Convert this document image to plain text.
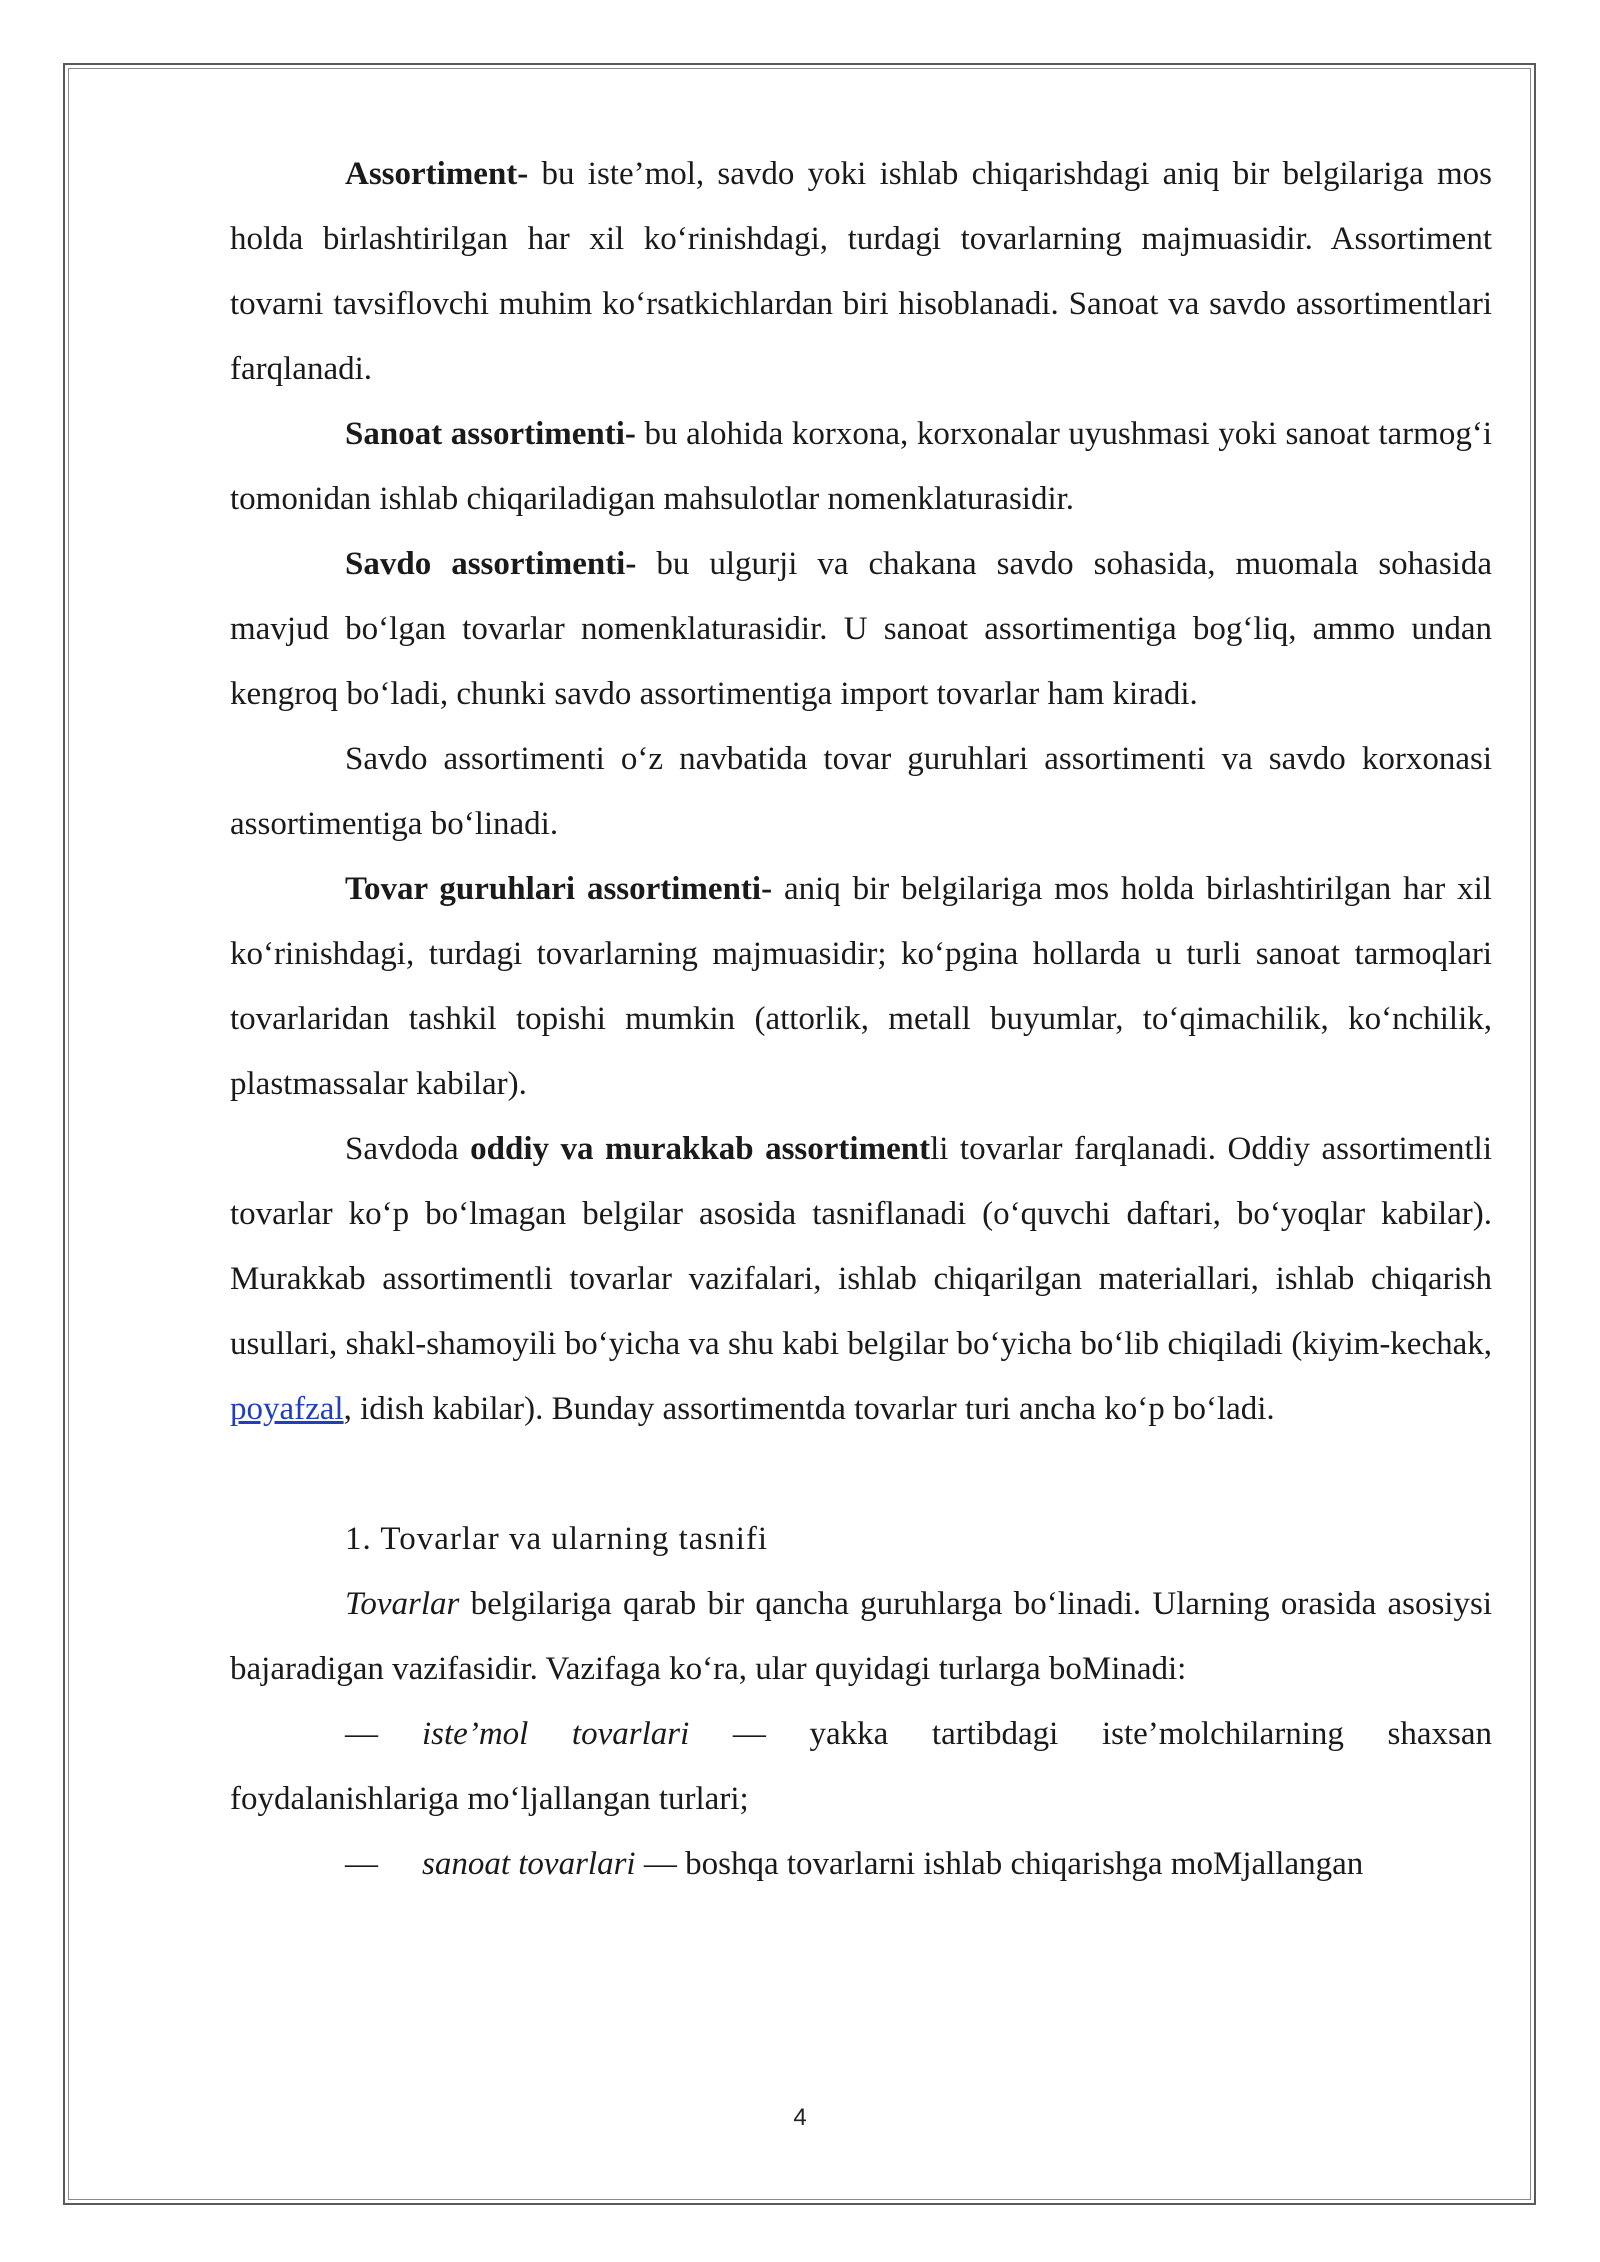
Assortiment- bu iste’mol, savdo yoki ishlab chiqarishdagi aniq bir belgilariga mos holda birlashtirilgan har xil ko‘rinishdagi, turdagi tovarlarning majmuasidir. Assortiment tovarni tavsiflovchi muhim ko‘rsatkichlardan biri hisoblanadi. Sanoat va savdo assortimentlari farqlanadi.

Sanoat assortimenti- bu alohida korxona, korxonalar uyushmasi yoki sanoat tarmog‘i tomonidan ishlab chiqariladigan mahsulotlar nomenklaturasidir.

Savdo assortimenti- bu ulgurji va chakana savdo sohasida, muomala sohasida mavjud bo‘lgan tovarlar nomenklaturasidir. U sanoat assortimentiga bog‘liq, ammo undan kengroq bo‘ladi, chunki savdo assortimentiga import tovarlar ham kiradi.

Savdo assortimenti o‘z navbatida tovar guruhlari assortimenti va savdo korxonasi assortimentiga bo‘linadi.

Tovar guruhlari assortimenti- aniq bir belgilariga mos holda birlashtirilgan har xil ko‘rinishdagi, turdagi tovarlarning majmuasidir; ko‘pgina hollarda u turli sanoat tarmoqlari tovarlaridan tashkil topishi mumkin (attorlik, metall buyumlar, to‘qimachilik, ko‘nchilik, plastmassalar kabilar).

Savdoda oddiy va murakkab assortimentli tovarlar farqlanadi. Oddiy assortimentli tovarlar ko‘p bo‘lmagan belgilar asosida tasniflanadi (o‘quvchi daftari, bo‘yoqlar kabilar). Murakkab assortimentli tovarlar vazifalari, ishlab chiqarilgan materiallari, ishlab chiqarish usullari, shakl-shamoyili bo‘yicha va shu kabi belgilar bo‘yicha bo‘lib chiqiladi (kiyim-kechak, poyafzal, idish kabilar). Bunday assortimentda tovarlar turi ancha ko‘p bo‘ladi.

1. Tovarlar va ularning tasnifi

Tovarlar belgilariga qarab bir qancha guruhlarga bo‘linadi. Ularning orasida asosiysi bajaradigan vazifasidir. Vazifaga ko‘ra, ular quyidagi turlarga boMinadi:

— iste’mol tovarlari — yakka tartibdagi iste’molchilarning shaxsan foydalanishlariga mo‘ljallangan turlari;

— sanoat tovarlari — boshqa tovarlarni ishlab chiqarishga moMjallangan

4
